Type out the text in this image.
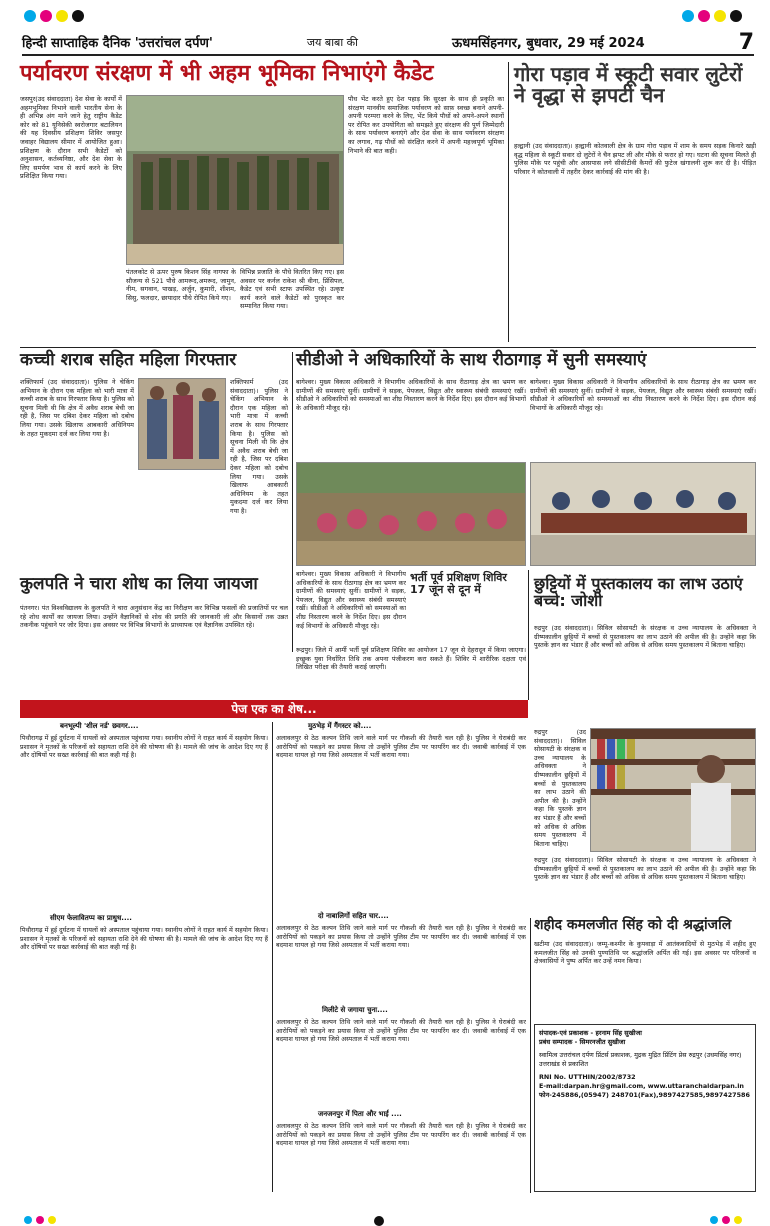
हिन्दी साप्ताहिक दैनिक 'उत्तरांचल दर्पण'	जय बाबा की	ऊधमसिंहनगर, बुधवार, 29 मई 2024	7
पर्यावरण संरक्षण में भी अहम भूमिका निभाएंगे कैडेट
जसपुर(उद संवाददाता) देश सेवा के कार्यों में अहमभूमिका निभाने वाली भारतीय सेना के ही अभिन्न अंग माने जाने हेतु राष्ट्रीय कैडेट कोर को 81 यूनिसेकी स्वरोजगार बटालियन की यह दिवसीय प्रशिक्षण शिविर जसपुर जवाहर विद्यालय सीमार में आयोजित हुआ। प्रशिक्षण के दौरान सभी कैडेटों को अनुशासन, कर्तव्यनिष्ठा, और देश सेवा के लिए समर्पण भाव से कार्य करने के लिए प्रशिक्षित किया गया।
पंतलकोट से ऊपर पुरुष किशन सिंह नागफा के सौजन्य से 521 पौधे आमरूद,अमरूद, जामुन, नीम, सगवान, पाखड़, अर्जुन, कुमारी, शीशम, सिसु, फलदार, छायादार पौधे रोपित किये गए।
विभिन्न प्रजाति के पौधे वितरित किए गए। इस अवसर पर कर्नल राकेश श्री वीना, प्रिंसिपल, कैडेट एवं सभी स्टाफ उपस्थित रहे। उत्कृष्ट कार्य करने वाले कैडेटों को पुरस्कृत कर सम्मानित किया गया।
पौध भेंट करते हुए देश पहाड़ कि सुरक्षा के साथ ही प्रकृति का संरक्षण मानवीय समाजिक पर्यावरण को साफ़ स्वच्छ बनाने अपनी-अपनी परम्परा करने के लिए, भेंट किये पौधों को अपने-अपने स्थानों पर रोपित कर उपयोगिता को समझते हुए संरक्षण की पूर्ण जिम्मेदारी के साथ पर्यावरण बनाएंगे और देश सेवा के साथ पर्यावरण संरक्षण का लगाव, गढ़ पौधों को संरक्षित करने में अपनी महत्त्वपूर्ण भूमिका निभाने की बात कही।
गोरा पड़ाव में स्कूटी सवार लुटेरों ने वृद्धा से झपटी चैन
हल्द्वानी (उद संवाददाता)। हल्द्वानी कोतवाली क्षेत्र के ग्राम गोरा पड़ाव में शाम के समय सड़क किनारे खड़ी वृद्ध महिला से स्कूटी सवार दो लुटेरों ने चैन झपट ली और मौके से फरार हो गए। घटना की सूचना मिलते ही पुलिस मौके पर पहुंची और आसपास लगे सीसीटीवी कैमरों की फुटेज खंगालनी शुरू कर दी है। पीड़ित परिवार ने कोतवाली में तहरीर देकर कार्रवाई की मांग की है।
कच्ची शराब सहित महिला गिरफ्तार
शक्तिफार्म (उद संवाददाता)। पुलिस ने चेकिंग अभियान के दौरान एक महिला को भारी मात्रा में कच्ची शराब के साथ गिरफ्तार किया है। पुलिस को सूचना मिली थी कि क्षेत्र में अवैध शराब बेची जा रही है, जिस पर दबिश देकर महिला को दबोच लिया गया। उसके खिलाफ आबकारी अधिनियम के तहत मुकदमा दर्ज कर लिया गया है।
शक्तिफार्म (उद संवाददाता)। पुलिस ने चेकिंग अभियान के दौरान एक महिला को भारी मात्रा में कच्ची शराब के साथ गिरफ्तार किया है। पुलिस को सूचना मिली थी कि क्षेत्र में अवैध शराब बेची जा रही है, जिस पर दबिश देकर महिला को दबोच लिया गया। उसके खिलाफ आबकारी अधिनियम के तहत मुकदमा दर्ज कर लिया गया है।
सीडीओ ने अधिकारियों के साथ रीठागाड़ में सुनी समस्याएं
बागेश्वर। मुख्य विकास अधिकारी ने विभागीय अधिकारियों के साथ रीठागाड़ क्षेत्र का भ्रमण कर ग्रामीणों की समस्याएं सुनीं। ग्रामीणों ने सड़क, पेयजल, विद्युत और स्वास्थ्य संबंधी समस्याएं रखीं। सीडीओ ने अधिकारियों को समस्याओं का शीघ्र निस्तारण करने के निर्देश दिए। इस दौरान कई विभागों के अधिकारी मौजूद रहे।
बागेश्वर। मुख्य विकास अधिकारी ने विभागीय अधिकारियों के साथ रीठागाड़ क्षेत्र का भ्रमण कर ग्रामीणों की समस्याएं सुनीं। ग्रामीणों ने सड़क, पेयजल, विद्युत और स्वास्थ्य संबंधी समस्याएं रखीं। सीडीओ ने अधिकारियों को समस्याओं का शीघ्र निस्तारण करने के निर्देश दिए। इस दौरान कई विभागों के अधिकारी मौजूद रहे।
बागेश्वर। मुख्य विकास अधिकारी ने विभागीय अधिकारियों के साथ रीठागाड़ क्षेत्र का भ्रमण कर ग्रामीणों की समस्याएं सुनीं। ग्रामीणों ने सड़क, पेयजल, विद्युत और स्वास्थ्य संबंधी समस्याएं रखीं। सीडीओ ने अधिकारियों को समस्याओं का शीघ्र निस्तारण करने के निर्देश दिए। इस दौरान कई विभागों के अधिकारी मौजूद रहे।
कुलपति ने चारा शोध का लिया जायजा
पंतनगर। पंत विश्वविद्यालय के कुलपति ने चारा अनुसंधान केंद्र का निरीक्षण कर विभिन्न फसलों की प्रजातियों पर चल रहे शोध कार्यों का जायजा लिया। उन्होंने वैज्ञानिकों से शोध की प्रगति की जानकारी ली और किसानों तक उन्नत तकनीक पहुंचाने पर जोर दिया। इस अवसर पर विभिन्न विभागों के प्राध्यापक एवं वैज्ञानिक उपस्थित रहे।
भर्ती पूर्व प्रशिक्षण शिविर 17 जून से दून में
रूद्रपुर। जिले में आर्मी भर्ती पूर्व प्रशिक्षण शिविर का आयोजन 17 जून से देहरादून में किया जाएगा। इच्छुक युवा निर्धारित तिथि तक अपना पंजीकरण करा सकते हैं। शिविर में शारीरिक दक्षता एवं लिखित परीक्षा की तैयारी कराई जाएगी।
छुट्टियों में पुस्तकालय का लाभ उठाएं बच्चे: जोशी
रुद्रपुर (उद संवाददाता)। सिविल सोसायटी के संरक्षक व उच्च न्यायालय के अधिवक्ता ने ग्रीष्मकालीन छुट्टियों में बच्चों से पुस्तकालय का लाभ उठाने की अपील की है। उन्होंने कहा कि पुस्तकें ज्ञान का भंडार हैं और बच्चों को अधिक से अधिक समय पुस्तकालय में बिताना चाहिए।
रुद्रपुर (उद संवाददाता)। सिविल सोसायटी के संरक्षक व उच्च न्यायालय के अधिवक्ता ने ग्रीष्मकालीन छुट्टियों में बच्चों से पुस्तकालय का लाभ उठाने की अपील की है। उन्होंने कहा कि पुस्तकें ज्ञान का भंडार हैं और बच्चों को अधिक से अधिक समय पुस्तकालय में बिताना चाहिए।
रुद्रपुर (उद संवाददाता)। सिविल सोसायटी के संरक्षक व उच्च न्यायालय के अधिवक्ता ने ग्रीष्मकालीन छुट्टियों में बच्चों से पुस्तकालय का लाभ उठाने की अपील की है। उन्होंने कहा कि पुस्तकें ज्ञान का भंडार हैं और बच्चों को अधिक से अधिक समय पुस्तकालय में बिताना चाहिए।
पेज एक का शेष...
बनभूल्पी 'शील नर्ड' छवगर....
पिथौरागढ़ में हुई दुर्घटना में घायलों को अस्पताल पहुंचाया गया। स्थानीय लोगों ने राहत कार्य में सहयोग किया। प्रशासन ने मृतकों के परिजनों को सहायता राशि देने की घोषणा की है। मामले की जांच के आदेश दिए गए हैं और दोषियों पर सख्त कार्रवाई की बात कही गई है।
सीएम फेलावितप्प का प्राधुध....
पिथौरागढ़ में हुई दुर्घटना में घायलों को अस्पताल पहुंचाया गया। स्थानीय लोगों ने राहत कार्य में सहयोग किया। प्रशासन ने मृतकों के परिजनों को सहायता राशि देने की घोषणा की है। मामले की जांच के आदेश दिए गए हैं और दोषियों पर सख्त कार्रवाई की बात कही गई है।
मुठभेड़ में गैंगस्टर को....
अलावलपुर से ठेठ कल्पन तिथि जाने वाले मार्ग पर गौकशी की तैयारी चल रही है। पुलिस ने घेराबंदी कर आरोपियों को पकड़ने का प्रयास किया तो उन्होंने पुलिस टीम पर फायरिंग कर दी। जवाबी कार्रवाई में एक बदमाश घायल हो गया जिसे अस्पताल में भर्ती कराया गया।
दो नाबालिगों सहित चार....
अलावलपुर से ठेठ कल्पन तिथि जाने वाले मार्ग पर गौकशी की तैयारी चल रही है। पुलिस ने घेराबंदी कर आरोपियों को पकड़ने का प्रयास किया तो उन्होंने पुलिस टीम पर फायरिंग कर दी। जवाबी कार्रवाई में एक बदमाश घायल हो गया जिसे अस्पताल में भर्ती कराया गया।
मिलीटे से जगाया चुना....
अलावलपुर से ठेठ कल्पन तिथि जाने वाले मार्ग पर गौकशी की तैयारी चल रही है। पुलिस ने घेराबंदी कर आरोपियों को पकड़ने का प्रयास किया तो उन्होंने पुलिस टीम पर फायरिंग कर दी। जवाबी कार्रवाई में एक बदमाश घायल हो गया जिसे अस्पताल में भर्ती कराया गया।
जनजनपुर में पिता और भाई ....
अलावलपुर से ठेठ कल्पन तिथि जाने वाले मार्ग पर गौकशी की तैयारी चल रही है। पुलिस ने घेराबंदी कर आरोपियों को पकड़ने का प्रयास किया तो उन्होंने पुलिस टीम पर फायरिंग कर दी। जवाबी कार्रवाई में एक बदमाश घायल हो गया जिसे अस्पताल में भर्ती कराया गया।
शहीद कमलजीत सिंह को दी श्रद्धांजलि
खटीमा (उद संवाददाता)। जम्मू-कश्मीर के कुपवाड़ा में आतंकवादियों से मुठभेड़ में शहीद हुए कमलजीत सिंह को उनकी पुण्यतिथि पर श्रद्धांजलि अर्पित की गई। इस अवसर पर परिजनों व क्षेत्रवासियों ने पुष्प अर्पित कर उन्हें नमन किया।
संपादक-एवं प्रकाशक - हरनाम सिंह सुखीजा
प्रबंध सम्पादक - सिमरनजीत सुखीजा
स्वामित्व उत्तरांचल दर्पण प्रिंटर्स प्रकाशक, मुद्रक मुद्रित प्रिंटिंग प्रेस रुद्रपुर (उधमसिंह नगर) उत्तराखंड से प्रकाशित
RNI No. UTTHIN/2002/8732
E-mail:darpan.hr@gmail.com, www.uttaranchaldarpan.in
फोन-245886,(05947) 248701(Fax),9897427585,9897427586
